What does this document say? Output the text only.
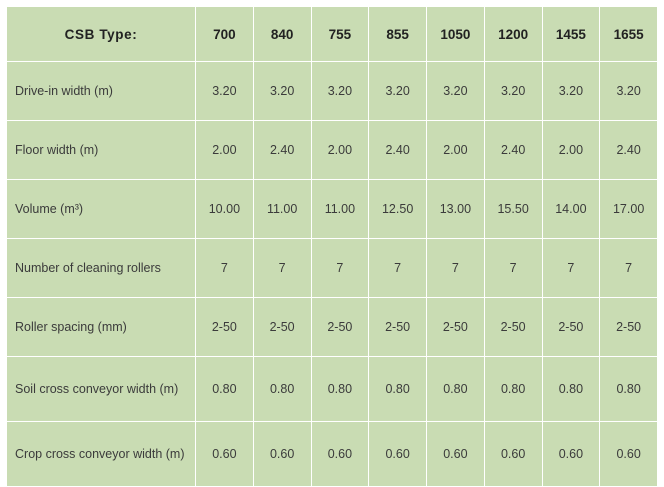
CSB Type:	700	840	755	855	1050	1200	1455	1655
Drive-in width (m)	3.20	3.20	3.20	3.20	3.20	3.20	3.20	3.20
Floor width (m)	2.00	2.40	2.00	2.40	2.00	2.40	2.00	2.40
Volume (m³)	10.00	11.00	11.00	12.50	13.00	15.50	14.00	17.00
Number of cleaning rollers	7	7	7	7	7	7	7	7
Roller spacing (mm)	2-50	2-50	2-50	2-50	2-50	2-50	2-50	2-50
Soil cross conveyor width (m)	0.80	0.80	0.80	0.80	0.80	0.80	0.80	0.80
Crop cross conveyor width (m)	0.60	0.60	0.60	0.60	0.60	0.60	0.60	0.60
